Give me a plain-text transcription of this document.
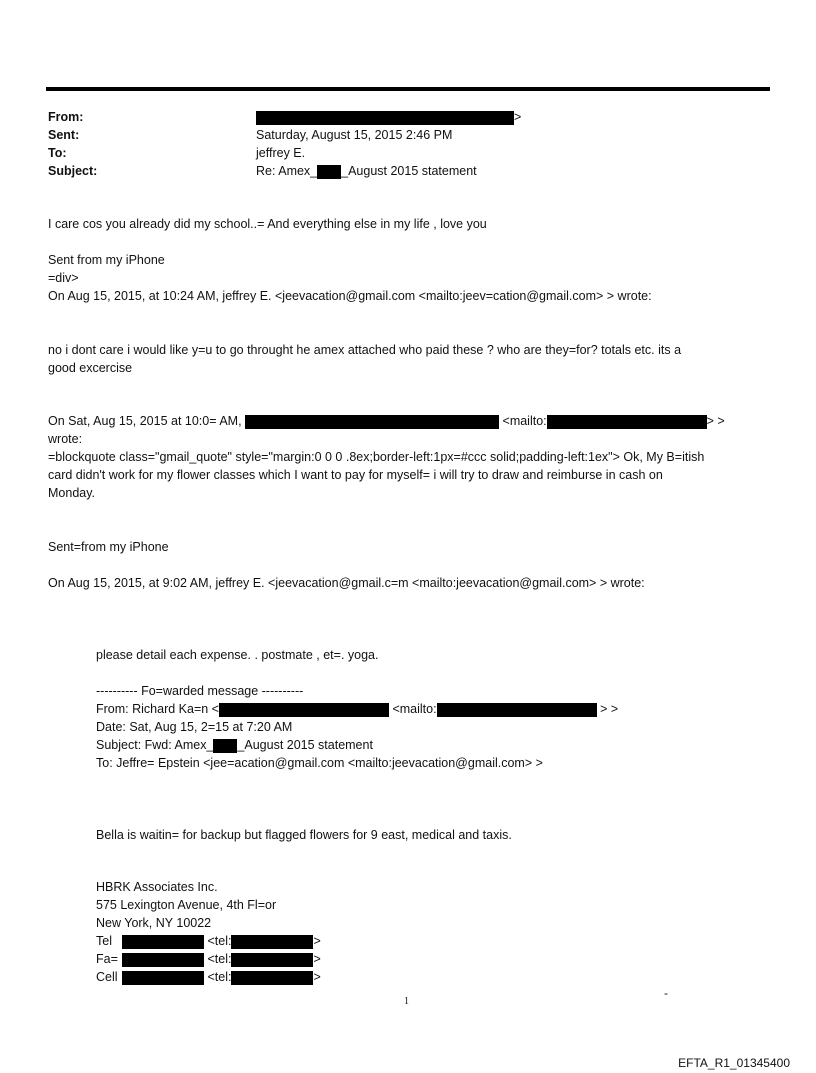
From:	>
Sent:	Saturday, August 15, 2015 2:46 PM
To:	jeffrey E.
Subject:	Re: Amex_ _August 2015 statement
I care cos you already did my school..= And everything else in my life , love you
Sent from my iPhone
=div>
On Aug 15, 2015, at 10:24 AM, jeffrey E. <jeevacation@gmail.com <mailto:jeev=cation@gmail.com> > wrote:
no i dont care i would like y=u to go throught he amex attached who paid these ? who are they=for? totals etc. its a
good excercise
On Sat, Aug 15, 2015 at 10:0= AM,	<mailto:	> >
wrote:
=blockquote class="gmail_quote" style="margin:0 0 0 .8ex;border-left:1px=#ccc solid;padding-left:1ex"> Ok, My B=itish
card didn't work for my flower classes which I want to pay for myself= i will try to draw and reimburse in cash on
Monday.
Sent=from my iPhone
On Aug 15, 2015, at 9:02 AM, jeffrey E. <jeevacation@gmail.c=m <mailto:jeevacation@gmail.com> > wrote:
please detail each expense. . postmate , et=. yoga.
---------- Fo=warded message ----------
From: Richard Ka=n <	<mailto:	> >
Date: Sat, Aug 15, 2=15 at 7:20 AM
Subject: Fwd: Amex_ _August 2015 statement
To: Jeffre= Epstein <jee=acation@gmail.com <mailto:jeevacation@gmail.com> >
Bella is waitin= for backup but flagged flowers for 9 east, medical and taxis.
HBRK Associates Inc.
575 Lexington Avenue, 4th Fl=or
New York, NY 10022
Tel	<tel:	>
Fa=	<tel:	>
Cell	<tel:	>
1
-
EFTA_R1_01345400
